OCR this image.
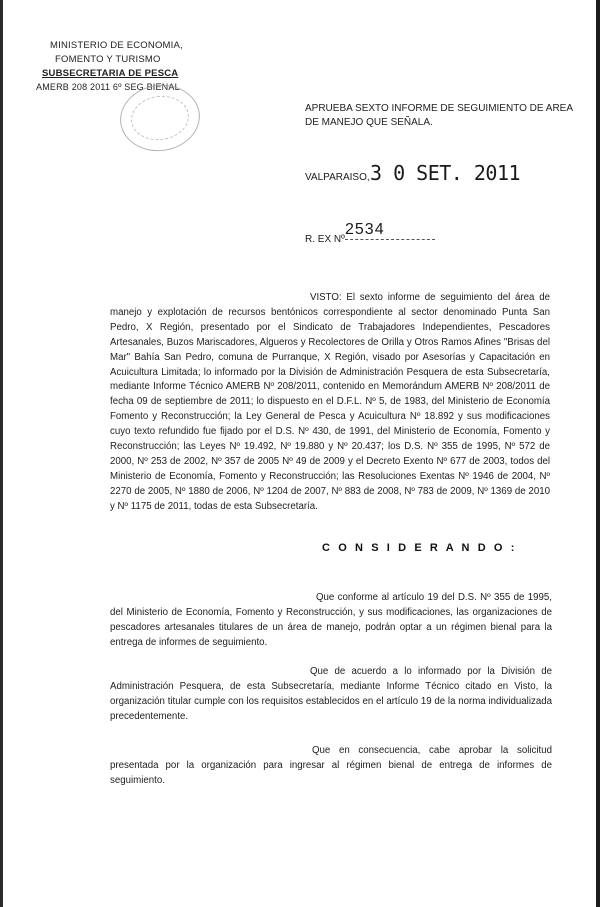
MINISTERIO DE ECONOMIA,
FOMENTO Y TURISMO
SUBSECRETARIA DE PESCA
AMERB 208 2011 6º SEG BIENAL
APRUEBA SEXTO INFORME DE SEGUIMIENTO DE AREA
DE MANEJO QUE SEÑALA.
VALPARAISO, 3 0 SET. 2011
R. EX Nº
2534

VISTO: El sexto informe de seguimiento del área de manejo y explotación de recursos bentónicos correspondiente al sector denominado Punta San Pedro, X Región, presentado por el Sindicato de Trabajadores Independientes, Pescadores Artesanales, Buzos Mariscadores, Algueros y Recolectores de Orilla y Otros Ramos Afines "Brisas del Mar" Bahía San Pedro, comuna de Purranque, X Región, visado por Asesorías y Capacitación en Acuicultura Limitada; lo informado por la División de Administración Pesquera de esta Subsecretaría, mediante Informe Técnico AMERB Nº 208/2011, contenido en Memorándum AMERB Nº 208/2011 de fecha 09 de septiembre de 2011; lo dispuesto en el D.F.L. Nº 5, de 1983, del Ministerio de Economía Fomento y Reconstrucción; la Ley General de Pesca y Acuicultura Nº 18.892 y sus modificaciones cuyo texto refundido fue fijado por el D.S. Nº 430, de 1991, del Ministerio de Economía, Fomento y Reconstrucción; las Leyes Nº 19.492, Nº 19.880 y Nº 20.437; los D.S. Nº 355 de 1995, Nº 572 de 2000, Nº 253 de 2002, Nº 357 de 2005 Nº 49 de 2009 y el Decreto Exento Nº 677 de 2003, todos del Ministerio de Economía, Fomento y Reconstrucción; las Resoluciones Exentas Nº 1946 de 2004, Nº 2270 de 2005, Nº 1880 de 2006, Nº 1204 de 2007, Nº 883 de 2008, Nº 783 de 2009, Nº 1369 de 2010 y Nº 1175 de 2011, todas de esta Subsecretaría.

C O N S I D E R A N D O :

Que conforme al artículo 19 del D.S. Nº 355 de 1995, del Ministerio de Economía, Fomento y Reconstrucción, y sus modificaciones, las organizaciones de pescadores artesanales titulares de un área de manejo, podrán optar a un régimen bienal para la entrega de informes de seguimiento.

Que de acuerdo a lo informado por la División de Administración Pesquera, de esta Subsecretaría, mediante Informe Técnico citado en Visto, la organización titular cumple con los requisitos establecidos en el artículo 19 de la norma individualizada precedentemente.

Que en consecuencia, cabe aprobar la solicitud presentada por la organización para ingresar al régimen bienal de entrega de informes de seguimiento.
